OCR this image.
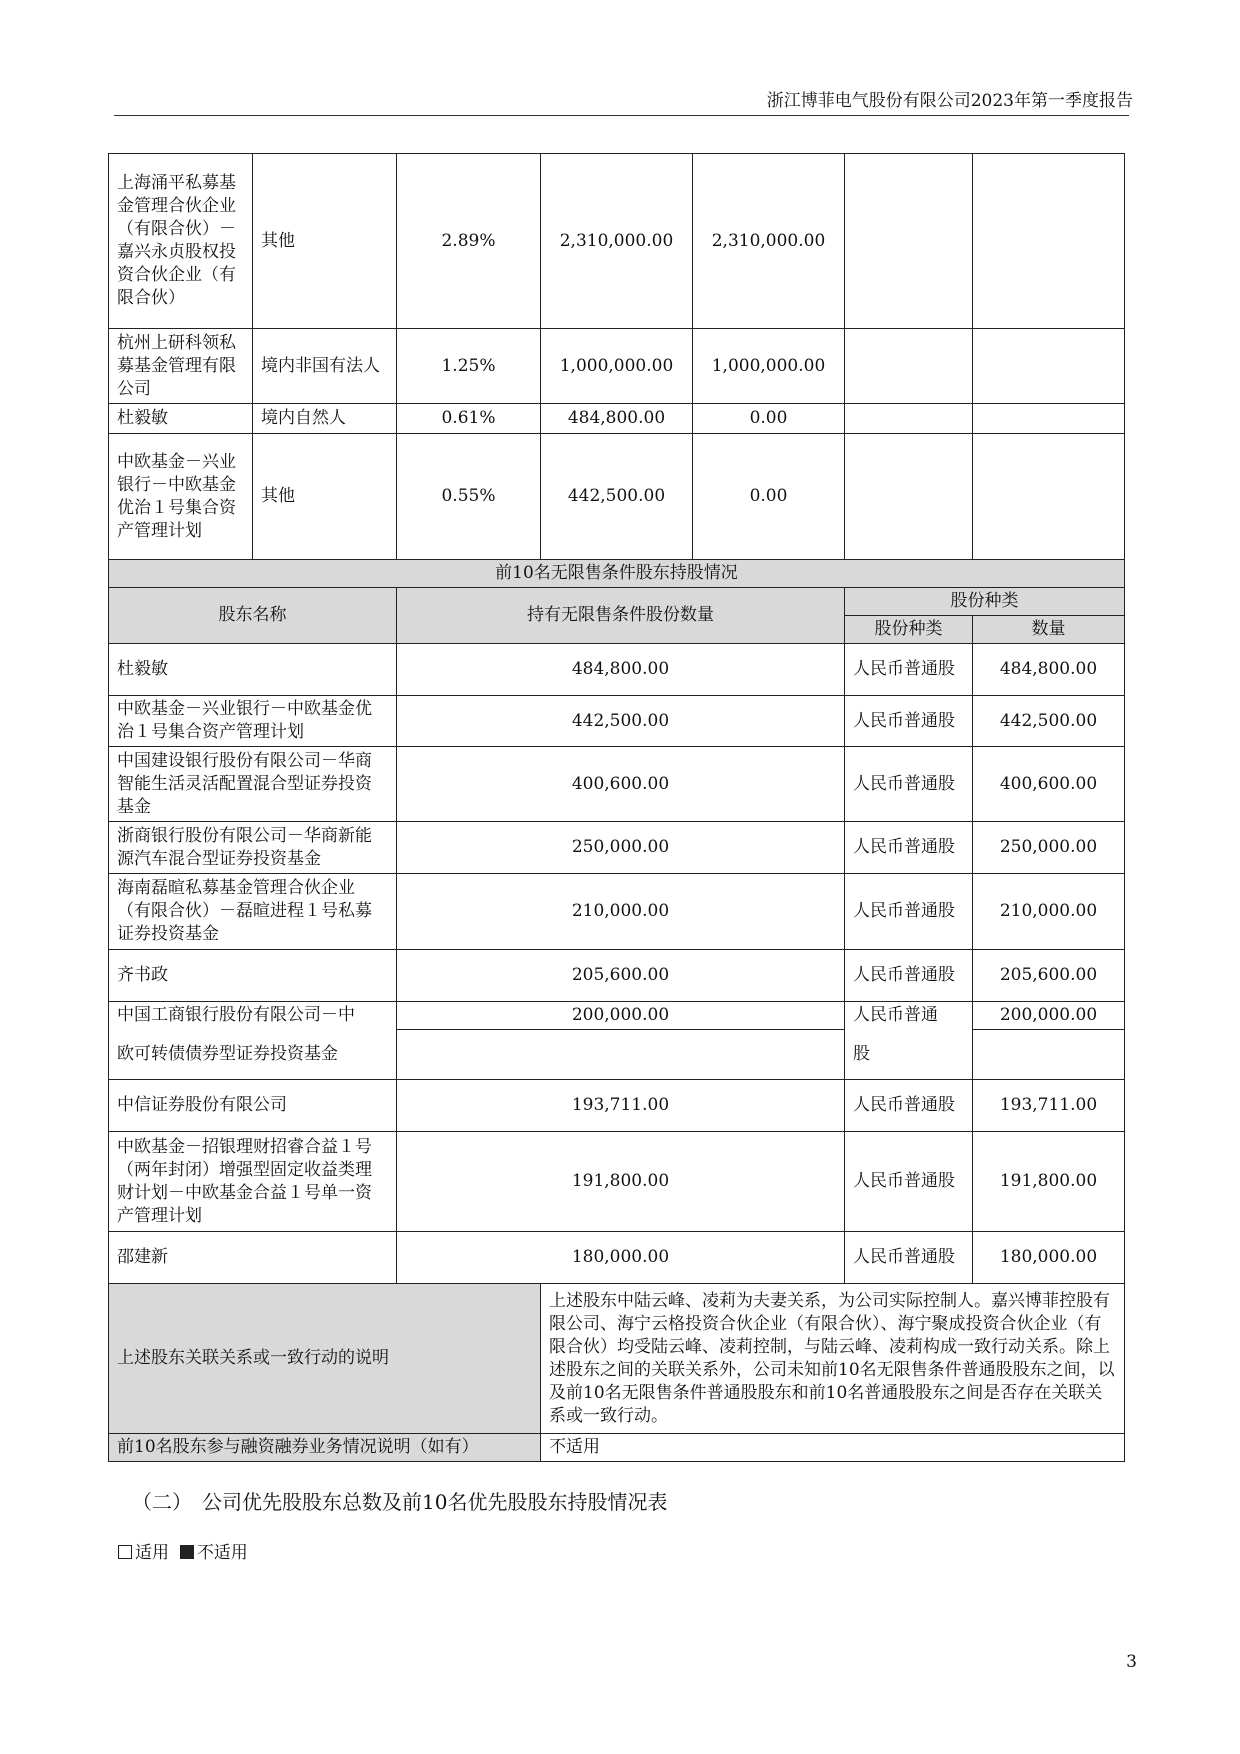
浙江博菲电气股份有限公司2023年第一季度报告
上海涌平私募基金管理合伙企业（有限合伙）－嘉兴永贞股权投资合伙企业（有限合伙）	其他	2.89%	2,310,000.00	2,310,000.00		
杭州上研科领私募基金管理有限公司	境内非国有法人	1.25%	1,000,000.00	1,000,000.00		
杜毅敏	境内自然人	0.61%	484,800.00	0.00		
中欧基金－兴业银行－中欧基金优治１号集合资产管理计划	其他	0.55%	442,500.00	0.00		
前10名无限售条件股东持股情况						
股东名称		持有无限售条件股份数量			股份种类	
					股份种类	数量
杜毅敏		484,800.00			人民币普通股	484,800.00
中欧基金－兴业银行－中欧基金优治１号集合资产管理计划		442,500.00			人民币普通股	442,500.00
中国建设银行股份有限公司－华商智能生活灵活配置混合型证券投资基金		400,600.00			人民币普通股	400,600.00
浙商银行股份有限公司－华商新能源汽车混合型证券投资基金		250,000.00			人民币普通股	250,000.00
海南磊暄私募基金管理合伙企业（有限合伙）－磊暄进程１号私募证券投资基金		210,000.00			人民币普通股	210,000.00
齐书政		205,600.00			人民币普通股	205,600.00
中国工商银行股份有限公司－中		200,000.00			人民币普通	200,000.00
欧可转债债券型证券投资基金					股	
中信证券股份有限公司		193,711.00			人民币普通股	193,711.00
中欧基金－招银理财招睿合益１号（两年封闭）增强型固定收益类理财计划－中欧基金合益１号单一资产管理计划		191,800.00			人民币普通股	191,800.00
邵建新		180,000.00			人民币普通股	180,000.00
上述股东关联关系或一致行动的说明			上述股东中陆云峰、凌莉为夫妻关系，为公司实际控制人。嘉兴博菲控股有限公司、海宁云格投资合伙企业（有限合伙）、海宁聚成投资合伙企业（有限合伙）均受陆云峰、凌莉控制，与陆云峰、凌莉构成一致行动关系。除上述股东之间的关联关系外，公司未知前10名无限售条件普通股股东之间，以及前10名无限售条件普通股股东和前10名普通股股东之间是否存在关联关系或一致行动。			
前10名股东参与融资融券业务情况说明（如有）			不适用			
（二）　公司优先股股东总数及前10名优先股股东持股情况表
适用 不适用
3
